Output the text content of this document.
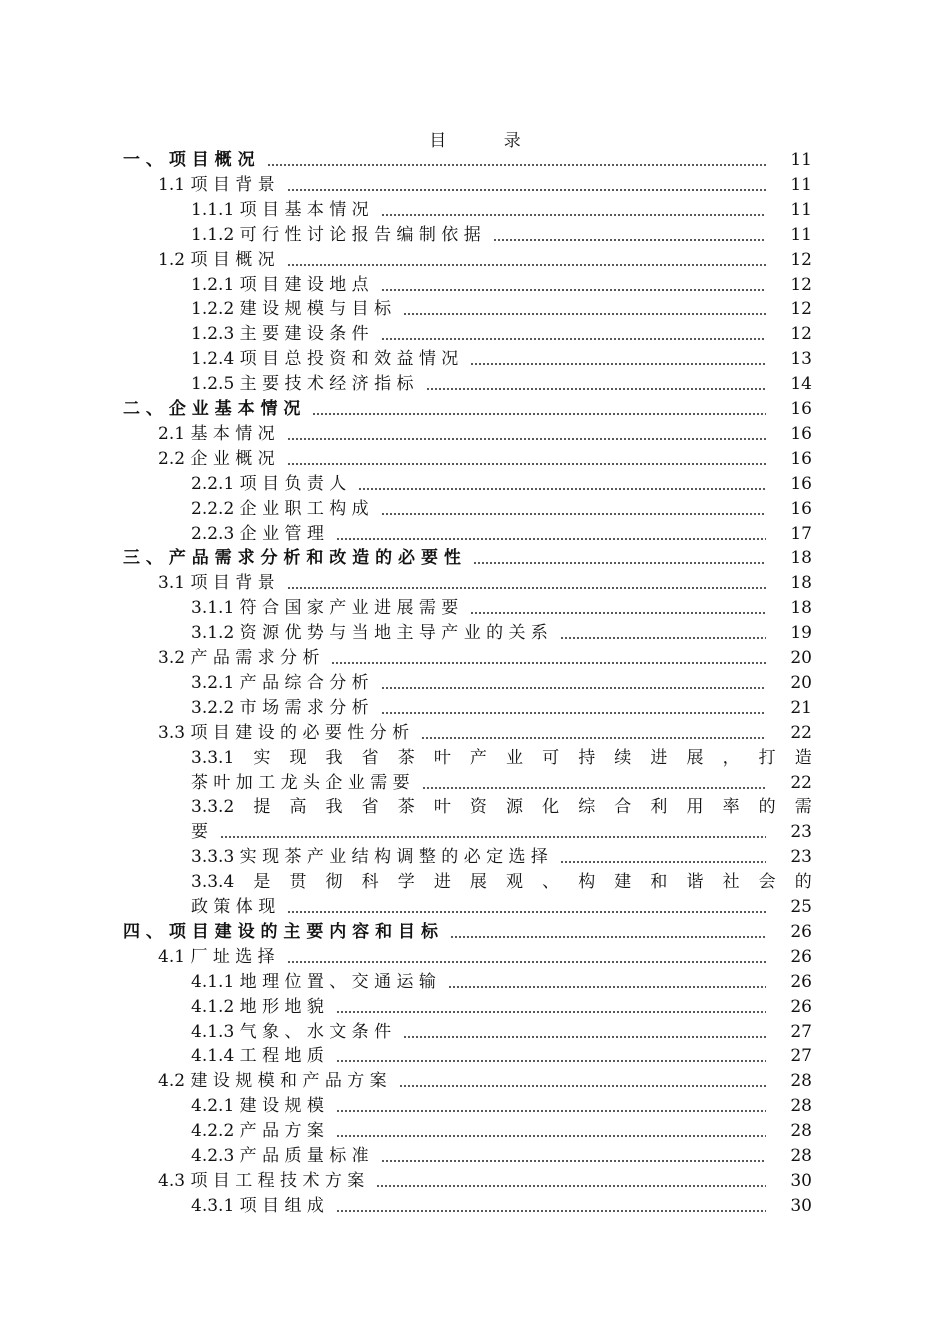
目 录
一 、 项 目 概 况	11
1.1 项 目 背 景	11
1.1.1 项 目 基 本 情 况	11
1.1.2 可 行 性 讨 论 报 告 编 制 依 据	11
1.2 项 目 概 况	12
1.2.1 项 目 建 设 地 点	12
1.2.2 建 设 规 模 与 目 标	12
1.2.3 主 要 建 设 条 件	12
1.2.4 项 目 总 投 资 和 效 益 情 况	13
1.2.5 主 要 技 术 经 济 指 标	14
二 、 企 业 基 本 情 况	16
2.1 基 本 情 况	16
2.2 企 业 概 况	16
2.2.1 项 目 负 责 人	16
2.2.2 企 业 职 工 构 成	16
2.2.3 企 业 管 理	17
三 、 产 品 需 求 分 析 和 改 造 的 必 要 性	18
3.1 项 目 背 景	18
3.1.1 符 合 国 家 产 业 进 展 需 要	18
3.1.2 资 源 优 势 与 当 地 主 导 产 业 的 关 系	19
3.2 产 品 需 求 分 析	20
3.2.1 产 品 综 合 分 析	20
3.2.2 市 场 需 求 分 析	21
3.3 项 目 建 设 的 必 要 性 分 析	22
3.3.1 实 现 我 省 茶 叶 产 业 可 持 续 进 展 ， 打 造
茶 叶 加 工 龙 头 企 业 需 要	22
3.3.2 提 高 我 省 茶 叶 资 源 化 综 合 利 用 率 的 需
要	23
3.3.3 实 现 茶 产 业 结 构 调 整 的 必 定 选 择	23
3.3.4 是 贯 彻 科 学 进 展 观 、 构 建 和 谐 社 会 的
政 策 体 现	25
四 、 项 目 建 设 的 主 要 内 容 和 目 标	26
4.1 厂 址 选 择	26
4.1.1 地 理 位 置 、 交 通 运 输	26
4.1.2 地 形 地 貌	26
4.1.3 气 象 、 水 文 条 件	27
4.1.4 工 程 地 质	27
4.2 建 设 规 模 和 产 品 方 案	28
4.2.1 建 设 规 模	28
4.2.2 产 品 方 案	28
4.2.3 产 品 质 量 标 准	28
4.3 项 目 工 程 技 术 方 案	30
4.3.1 项 目 组 成	30
